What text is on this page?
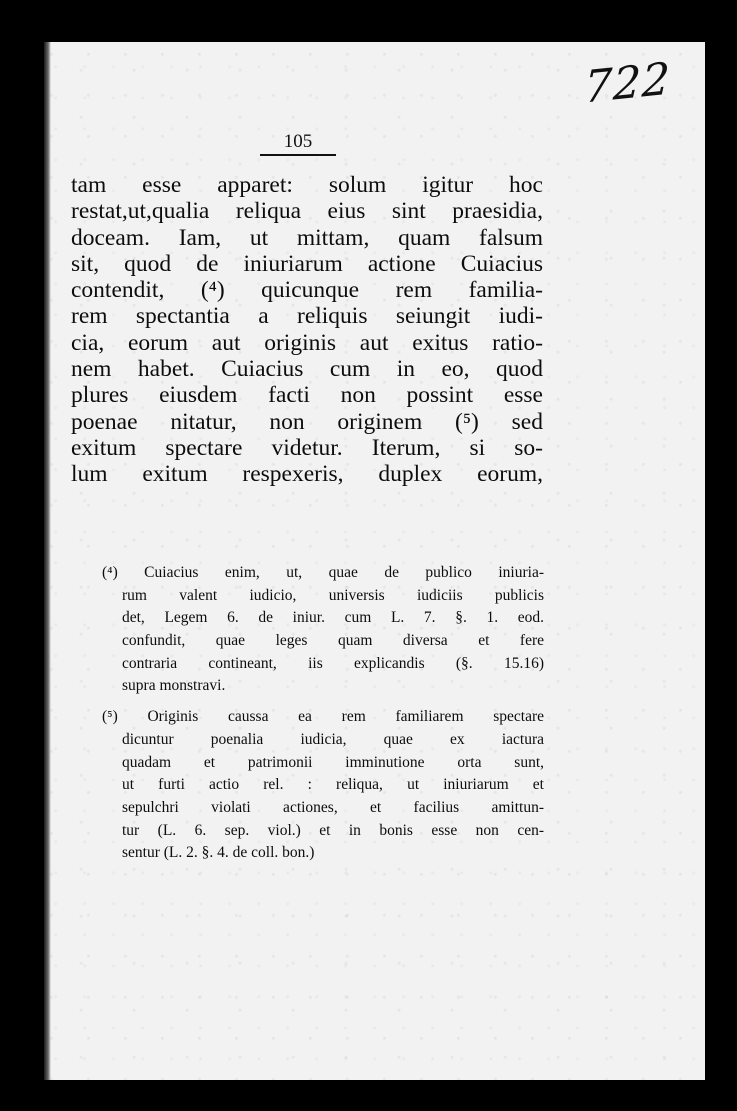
722
105
tam esse apparet: solum igitur hoc
restat,ut,qualia reliqua eius sint praesidia,
doceam. Iam, ut mittam, quam falsum
sit, quod de iniuriarum actione Cuiacius
contendit, (⁴) quicunque rem familia-
rem spectantia a reliquis seiungit iudi-
cia, eorum aut originis aut exitus ratio-
nem habet. Cuiacius cum in eo, quod
plures eiusdem facti non possint esse
poenae nitatur, non originem (⁵) sed
exitum spectare videtur. Iterum, si so-
lum exitum respexeris, duplex eorum,
(⁴) Cuiacius enim, ut, quae de publico iniuria-
rum valent iudicio, universis iudiciis publicis
det, Legem 6. de iniur. cum L. 7. §. 1. eod.
confundit, quae leges quam diversa et fere
contraria contineant, iis explicandis (§. 15.16)
supra monstravi.
(⁵) Originis caussa ea rem familiarem spectare
dicuntur poenalia iudicia, quae ex iactura
quadam et patrimonii imminutione orta sunt,
ut furti actio rel. : reliqua, ut iniuriarum et
sepulchri violati actiones, et facilius amittun-
tur (L. 6. sep. viol.) et in bonis esse non cen-
sentur (L. 2. §. 4. de coll. bon.)
